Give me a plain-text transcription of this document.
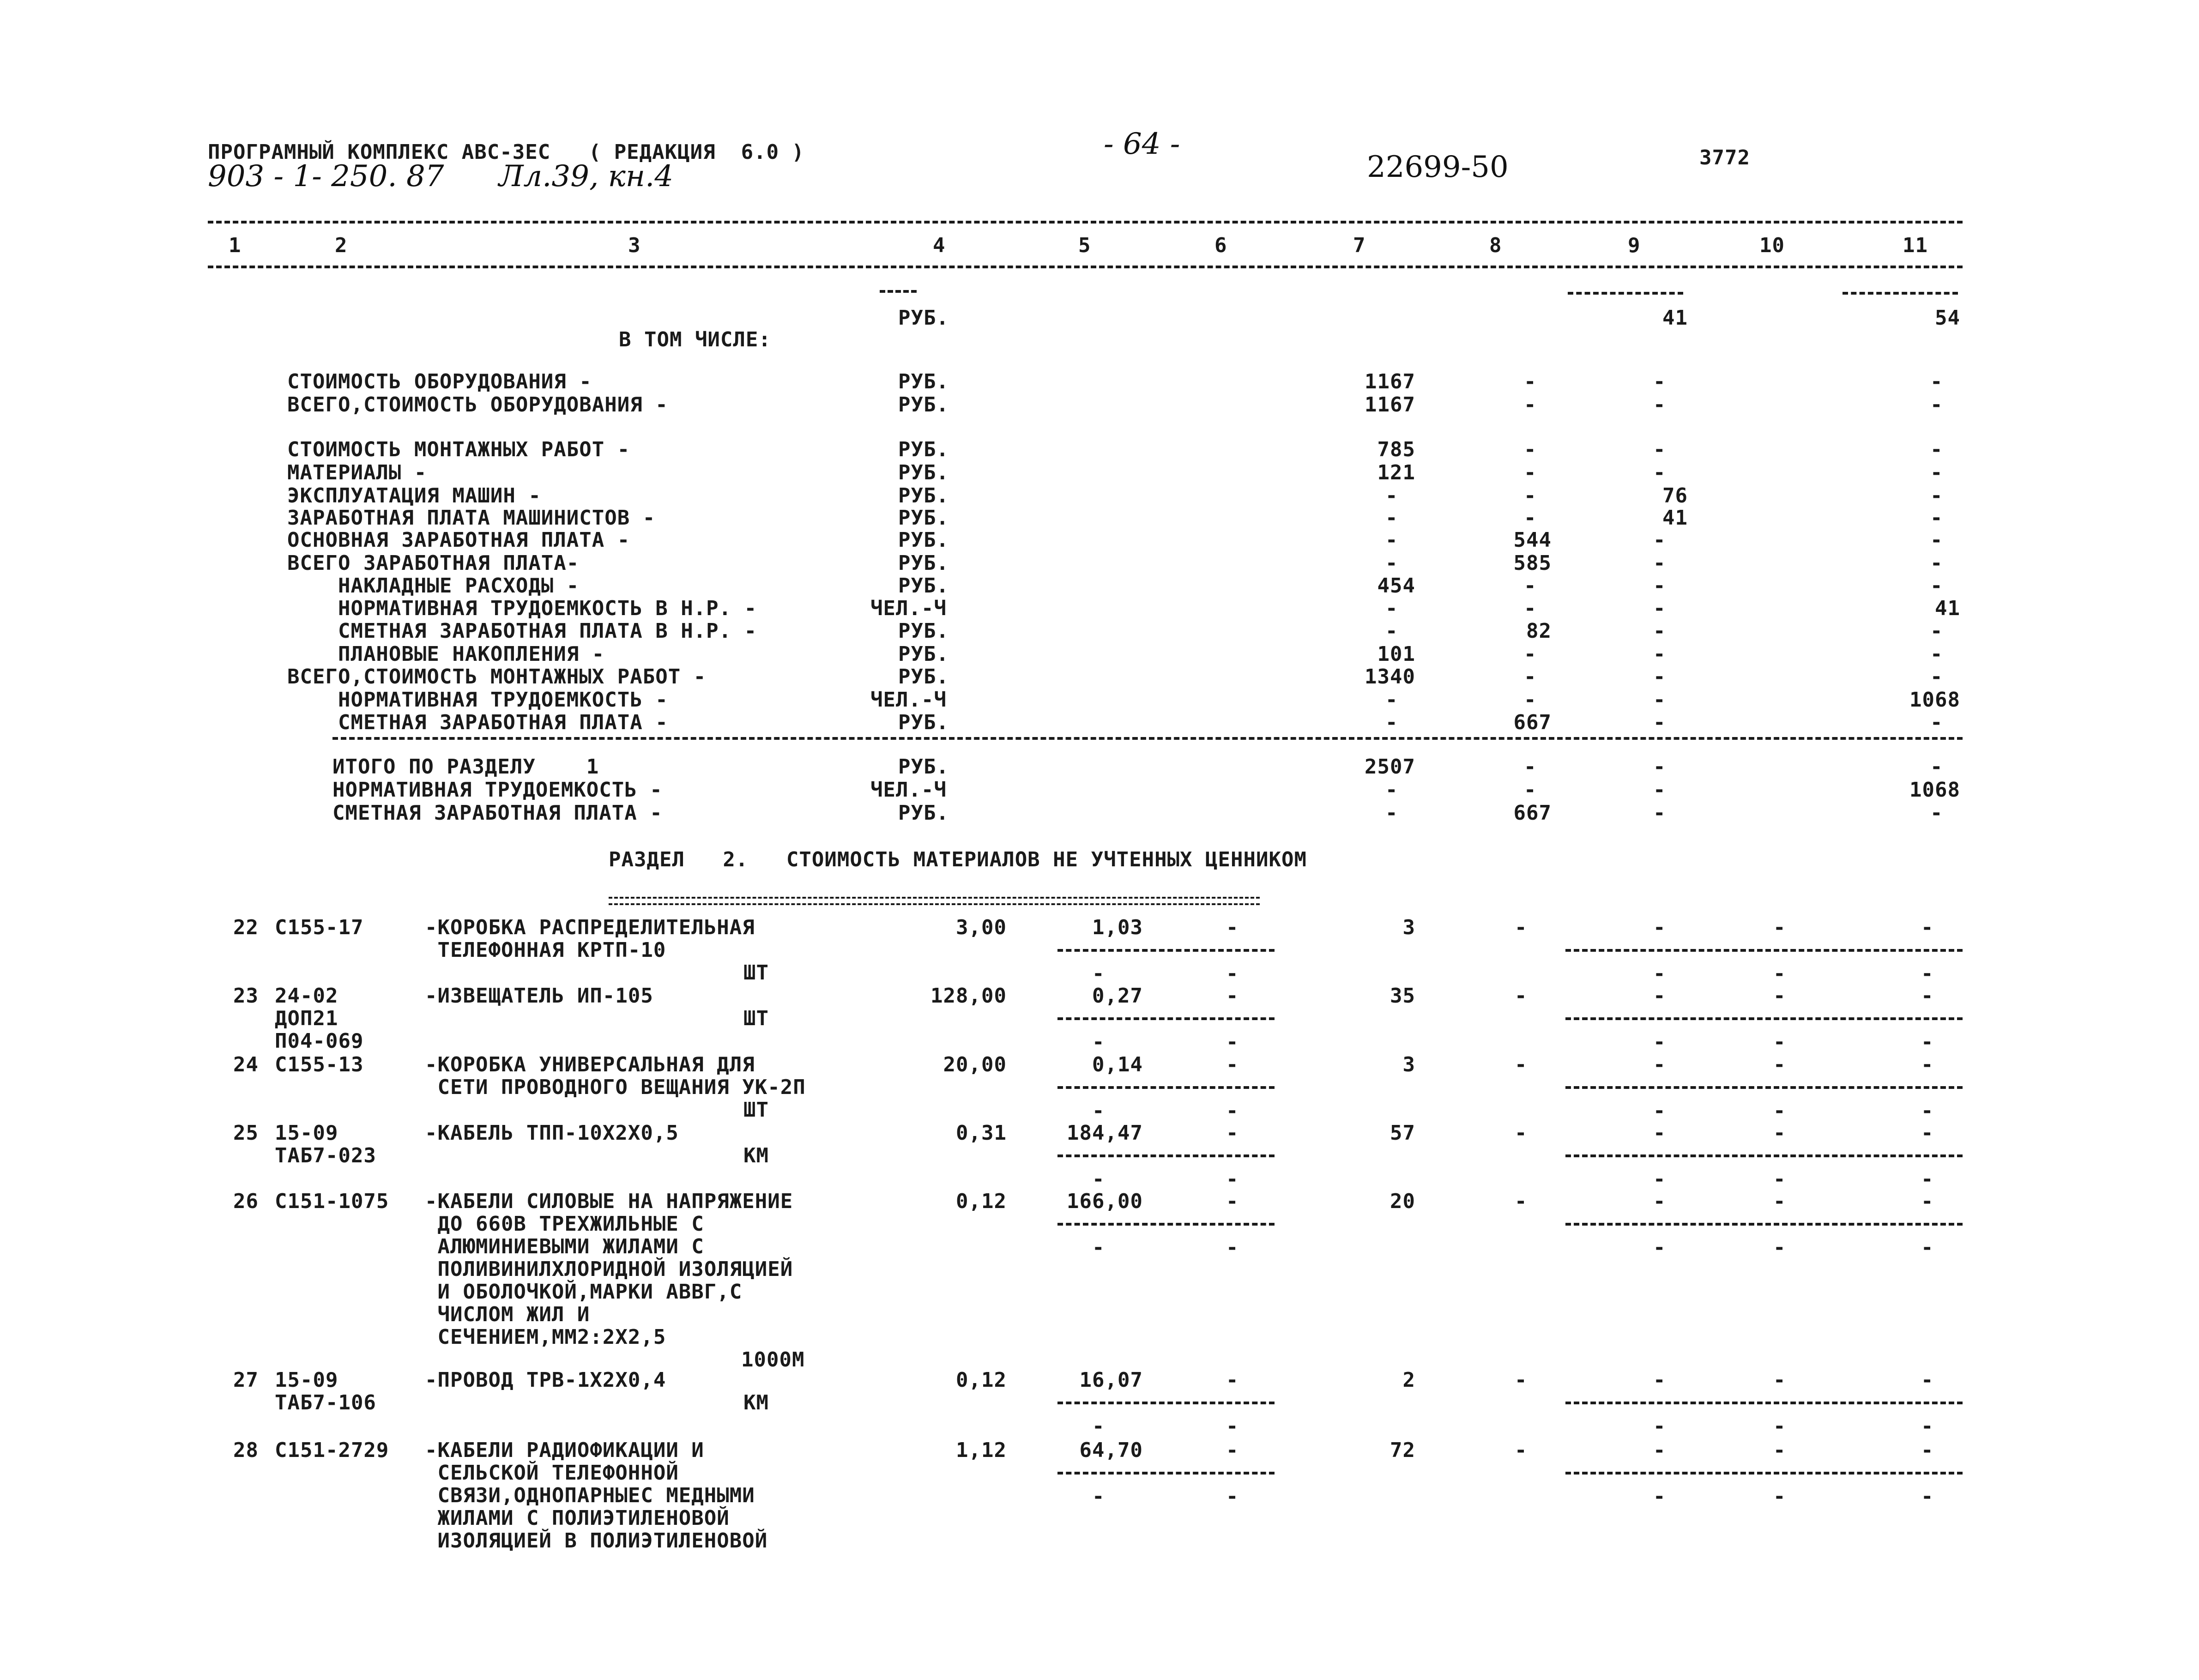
ПРОГРАМНЫЙ КОМПЛЕКС АВС-ЗЕС   ( РЕДАКЦИЯ  6.0 )
903 - 1- 250. 87 Лл.39, кн.4
- 64 -
22699-50	3772
1	2	3	4	5	6	7	8	9	10	11
РУБ.	41	54
В ТОМ ЧИСЛЕ:
СТОИМОСТЬ ОБОРУДОВАНИЯ -	РУБ.	1167	-	-	-
ВСЕГО,СТОИМОСТЬ ОБОРУДОВАНИЯ -	РУБ.	1167	-	-	-
СТОИМОСТЬ МОНТАЖНЫХ РАБОТ -	РУБ.	785	-	-	-
МАТЕРИАЛЫ -	РУБ.	121	-	-	-
ЭКСПЛУАТАЦИЯ МАШИН -	РУБ.	-	-	76	-
ЗАРАБОТНАЯ ПЛАТА МАШИНИСТОВ -	РУБ.	-	-	41	-
ОСНОВНАЯ ЗАРАБОТНАЯ ПЛАТА -	РУБ.	-	544	-	-
ВСЕГО ЗАРАБОТНАЯ ПЛАТА-	РУБ.	-	585	-	-
НАКЛАДНЫЕ РАСХОДЫ -	РУБ.	454	-	-	-
НОРМАТИВНАЯ ТРУДОЕМКОСТЬ В Н.Р. -	ЧЕЛ.-Ч	-	-	-	41
СМЕТНАЯ ЗАРАБОТНАЯ ПЛАТА В Н.Р. -	РУБ.	-	82	-	-
ПЛАНОВЫЕ НАКОПЛЕНИЯ -	РУБ.	101	-	-	-
ВСЕГО,СТОИМОСТЬ МОНТАЖНЫХ РАБОТ -	РУБ.	1340	-	-	-
НОРМАТИВНАЯ ТРУДОЕМКОСТЬ -	ЧЕЛ.-Ч	-	-	-	1068
СМЕТНАЯ ЗАРАБОТНАЯ ПЛАТА -	РУБ.	-	667	-	-
ИТОГО ПО РАЗДЕЛУ    1	РУБ.	2507	-	-	-
НОРМАТИВНАЯ ТРУДОЕМКОСТЬ -	ЧЕЛ.-Ч	-	-	-	1068
СМЕТНАЯ ЗАРАБОТНАЯ ПЛАТА -	РУБ.	-	667	-	-
РАЗДЕЛ   2.   СТОИМОСТЬ МАТЕРИАЛОВ НЕ УЧТЕННЫХ ЦЕННИКОМ
22 С155-17	-КОРОБКА РАСПРЕДЕЛИТЕЛЬНАЯ
ТЕЛЕФОННАЯ КРТП-10
ШТ
3,00	1,03	-	3	-	-	-	-
-	-	-	-	-
23 24-02
ДОП21
П04-069
-ИЗВЕЩАТЕЛЬ ИП-105
ШТ
128,00	0,27	-	35	-	-	-	-
-	-	-	-	-
24 С155-13	-КОРОБКА УНИВЕРСАЛЬНАЯ ДЛЯ
СЕТИ ПРОВОДНОГО ВЕЩАНИЯ УК-2П
ШТ
20,00	0,14	-	3	-	-	-	-
-	-	-	-	-
25 15-09
ТАБ7-023
-КАБЕЛЬ ТПП-10Х2Х0,5
КМ
0,31	184,47	-	57	-	-	-	-
-	-	-	-	-
26 С151-1075 -КАБЕЛИ СИЛОВЫЕ НА НАПРЯЖЕНИЕ
ДО 660В ТРЕХЖИЛЬНЫЕ С
АЛЮМИНИЕВЫМИ ЖИЛАМИ С
ПОЛИВИНИЛХЛОРИДНОЙ ИЗОЛЯЦИЕЙ
И ОБОЛОЧКОЙ,МАРКИ АВВГ,С
ЧИСЛОМ ЖИЛ И
СЕЧЕНИЕМ,ММ2:2Х2,5
1000М
0,12	166,00	-	20	-	-	-	-
-	-	-	-	-
27 15-09
ТАБ7-106
-ПРОВОД ТРВ-1Х2Х0,4
КМ
0,12	16,07	-	2	-	-	-	-
-	-	-	-	-
28 С151-2729 -КАБЕЛИ РАДИОФИКАЦИИ И
СЕЛЬСКОЙ ТЕЛЕФОННОЙ
СВЯЗИ,ОДНОПАРНЫЕС МЕДНЫМИ
ЖИЛАМИ С ПОЛИЭТИЛЕНОВОЙ
ИЗОЛЯЦИЕЙ В ПОЛИЭТИЛЕНОВОЙ
1,12	64,70	-	72	-	-	-	-
-	-	-	-	-
